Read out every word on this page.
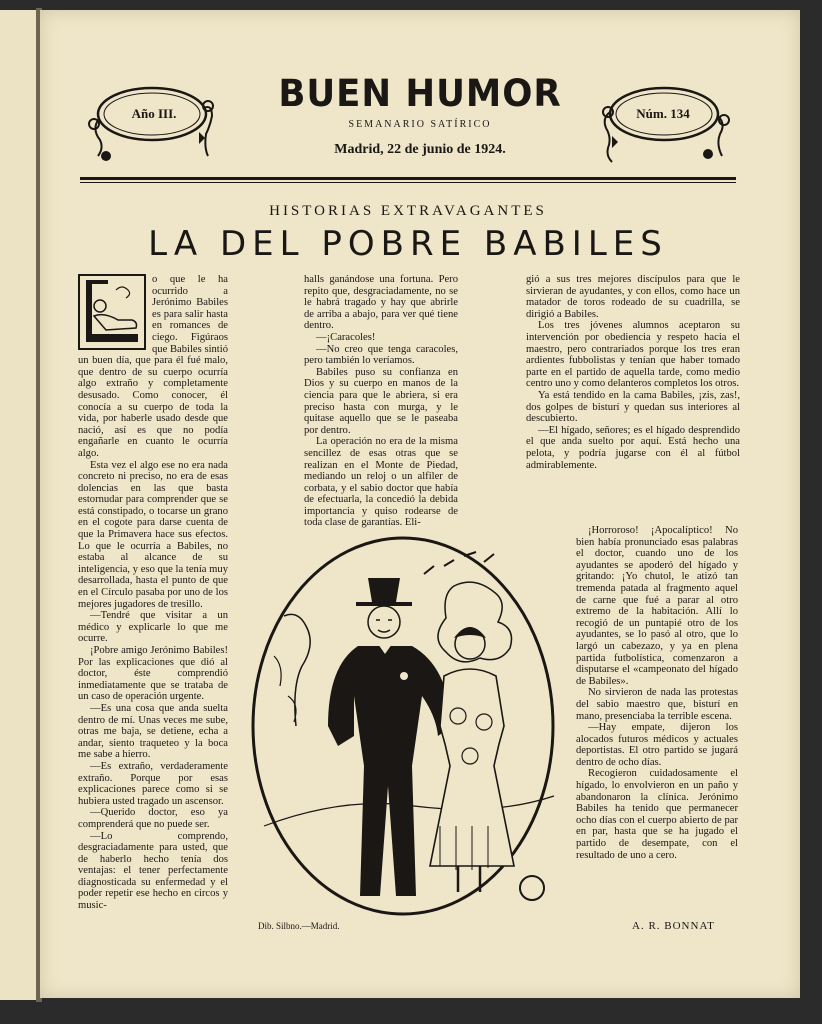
Año III.	Núm. 134
BUEN HUMOR
SEMANARIO SATÍRICO
Madrid, 22 de junio de 1924.
HISTORIAS EXTRAVAGANTES
LA DEL POBRE BABILES

o que le ha ocurrido a Jerónimo Babiles es para salir hasta en romances de ciego. Figúraos que Babiles sintió un buen día, que para él fué malo, que dentro de su cuerpo ocurría algo extraño y completamente desusado. Como conocer, él conocía a su cuerpo de toda la vida, por haberle usado desde que nació, así es que no podía engañarle en cuanto le ocurría algo.

Esta vez el algo ese no era nada concreto ni preciso, no era de esas dolencias en las que basta estornudar para comprender que se está constipado, o tocarse un grano en el cogote para darse cuenta de que la Primavera hace sus efectos. Lo que le ocurría a Babiles, no estaba al alcance de su inteligencia, y eso que la tenía muy desarrollada, hasta el punto de que en el Círculo pasaba por uno de los mejores jugadores de tresillo.

—Tendré que visitar a un médico y explicarle lo que me ocurre.

¡Pobre amigo Jerónimo Babiles! Por las explicaciones que dió al doctor, éste comprendió inmediatamente que se trataba de un caso de operación urgente.

—Es una cosa que anda suelta dentro de mí. Unas veces me sube, otras me baja, se detiene, echa a andar, siento traqueteo y la boca me sabe a hierro.

—Es extraño, verdaderamente extraño. Porque por esas explicaciones parece como si se hubiera usted tragado un ascensor.

—Querido doctor, eso ya comprenderá que no puede ser.

—Lo comprendo, desgraciadamente para usted, que de haberlo hecho tenía dos ventajas: el tener perfectamente diagnosticada su enfermedad y el poder repetir ese hecho en circos y music-

halls ganándose una fortuna. Pero repito que, desgraciadamente, no se le habrá tragado y hay que abrirle de arriba a abajo, para ver qué tiene dentro.

—¡Caracoles!

—No creo que tenga caracoles, pero también lo veríamos.

Babiles puso su confianza en Dios y su cuerpo en manos de la ciencia para que le abriera, si era preciso hasta con murga, y le quitase aquello que se le paseaba por dentro.

La operación no era de la misma sencillez de esas otras que se realizan en el Monte de Piedad, mediando un reloj o un alfiler de corbata, y el sabio doctor que había de efectuarla, la concedió la debida importancia y quiso rodearse de toda clase de garantías. Eli-

gió a sus tres mejores discípulos para que le sirvieran de ayudantes, y con ellos, como hace un matador de toros rodeado de su cuadrilla, se dirigió a Babiles.

Los tres jóvenes alumnos aceptaron su intervención por obediencia y respeto hacia el maestro, pero contrariados porque los tres eran ardientes fubbolistas y tenían que haber tomado parte en el partido de aquella tarde, como medio centro uno y como delanteros completos los otros.

Ya está tendido en la cama Babiles, ¡zis, zas!, dos golpes de bisturí y quedan sus interiores al descubierto.

—El hígado, señores; es el hígado desprendido el que anda suelto por aquí. Está hecho una pelota, y podría jugarse con él al fútbol admirablemente.

¡Horroroso! ¡Apocalíptico! No bien había pronunciado esas palabras el doctor, cuando uno de los ayudantes se apoderó del hígado y gritando: ¡Yo chutol, le atizó tan tremenda patada al fragmento aquel de carne que fué a parar al otro extremo de la habitación. Allí lo recogió de un puntapié otro de los ayudantes, se lo pasó al otro, que lo largó un cabezazo, y ya en plena partida futbolística, comenzaron a disputarse el «campeonato del hígado de Babiles».

No sirvieron de nada las protestas del sabio maestro que, bisturí en mano, presenciaba la terrible escena.

—Hay empate, dijeron los alocados futuros médicos y actuales deportistas. El otro partido se jugará dentro de ocho días.

Recogieron cuidadosamente el hígado, lo envolvieron en un paño y abandonaron la clínica. Jerónimo Babiles ha tenido que permanecer ocho días con el cuerpo abierto de par en par, hasta que se ha jugado el partido de desempate, con el resultado de uno a cero.

Dib. Silbno.—Madrid.	A. R. BONNAT
